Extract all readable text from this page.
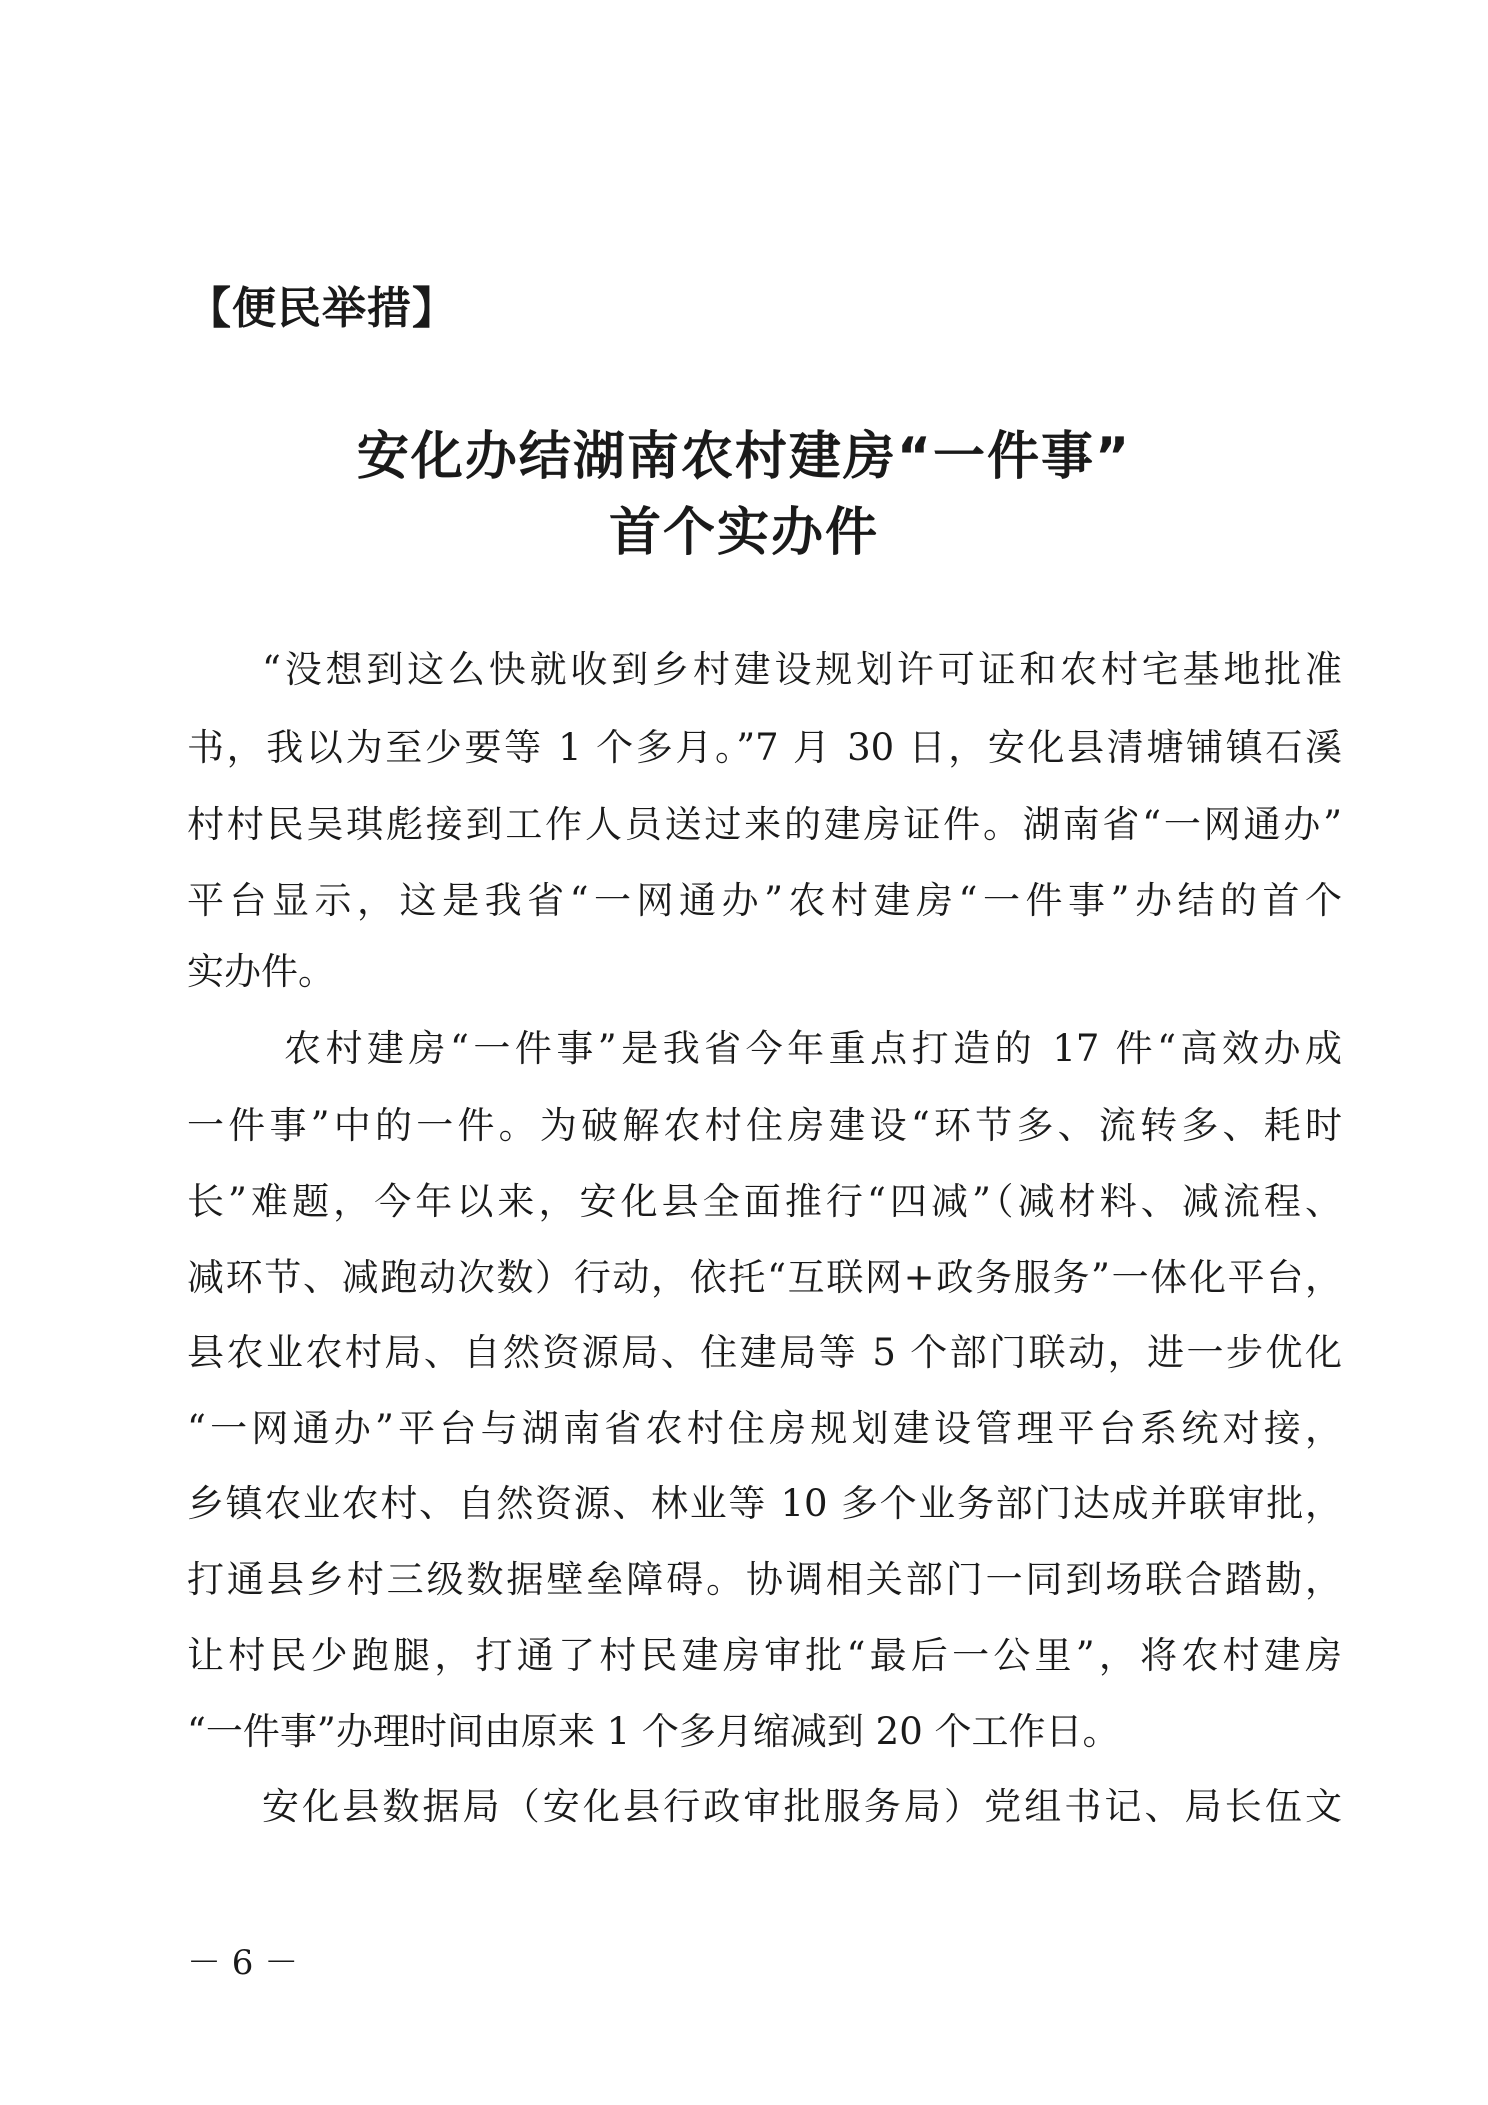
【便民举措】
安化办结湖南农村建房“一件事”
首个实办件
“没想到这么快就收到乡村建设规划许可证和农村宅基地批准
书，我以为至少要等 1 个多月。”7 月 30 日，安化县清塘铺镇石溪
村村民吴琪彪接到工作人员送过来的建房证件。湖南省“一网通办”
平台显示，这是我省“一网通办”农村建房“一件事”办结的首个
实办件。
农村建房“一件事”是我省今年重点打造的 17 件“高效办成
一件事”中的一件。为破解农村住房建设“环节多、流转多、耗时
长”难题，今年以来，安化县全面推行“四减”（减材料、减流程、
减环节、减跑动次数）行动，依托“互联网+政务服务”一体化平台，
县农业农村局、自然资源局、住建局等 5 个部门联动，进一步优化
“一网通办”平台与湖南省农村住房规划建设管理平台系统对接，
乡镇农业农村、自然资源、林业等 10 多个业务部门达成并联审批，
打通县乡村三级数据壁垒障碍。协调相关部门一同到场联合踏勘，
让村民少跑腿，打通了村民建房审批“最后一公里”，将农村建房
“一件事”办理时间由原来 1 个多月缩减到 20 个工作日。
安化县数据局（安化县行政审批服务局）党组书记、局长伍文
－ 6 －
